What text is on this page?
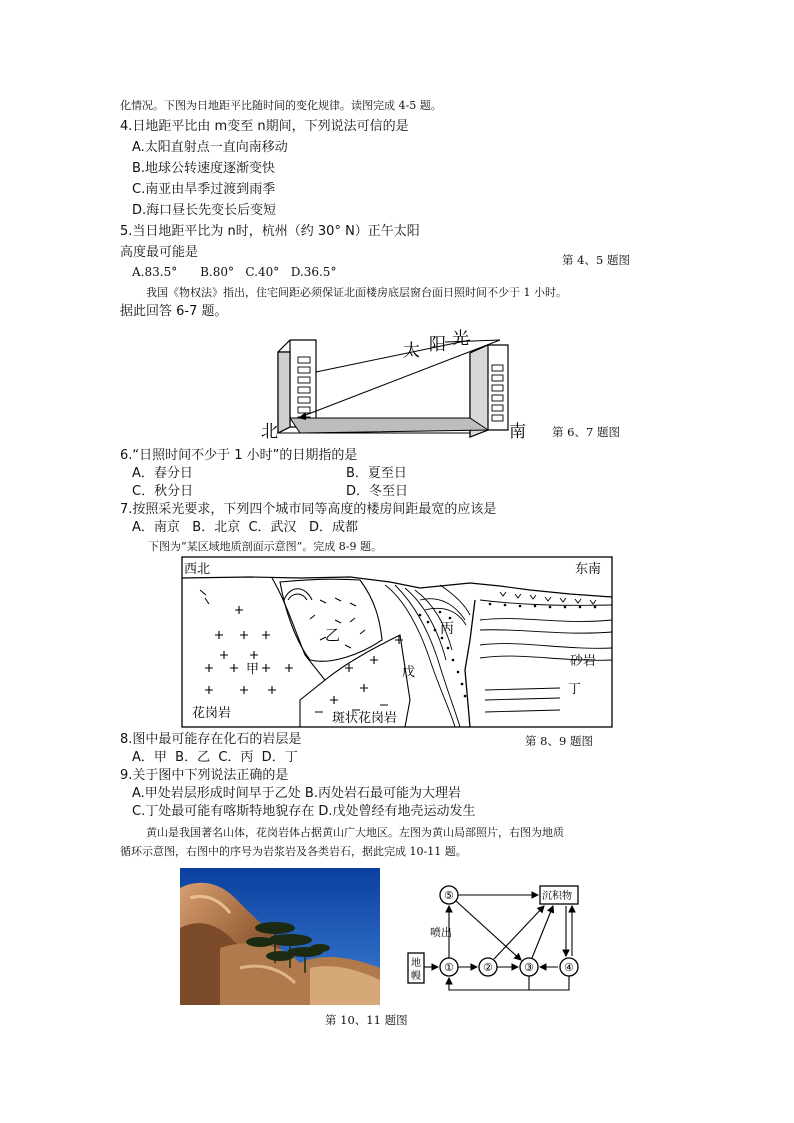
化情况。下图为日地距平比随时间的变化规律。读图完成 4-5 题。
4.日地距平比由 m变至 n期间，下列说法可信的是
A.太阳直射点一直向南移动
B.地球公转速度逐渐变快
C.南亚由旱季过渡到雨季
D.海口昼长先变长后变短
5.当日地距平比为 n时，杭州（约 30° N）正午太阳
高度最可能是
A.83.5°      B.80°   C.40°   D.36.5°
第 4、5 题图
我国《物权法》指出，住宅间距必须保证北面楼房底层窗台面日照时间不少于 1 小时。
据此回答 6-7 题。
太 阳 光
北	南 第 6、7 题图
6.“日照时间不少于 1 小时”的日期指的是
A．春分日	B．夏至日
C．秋分日	D．冬至日
7.按照采光要求，下列四个城市同等高度的楼房间距最宽的应该是
A．南京   B．北京  C．武汉   D．成都
下图为“某区域地质剖面示意图”。完成 8-9 题。
西北	东南
甲
乙	丙
戊
丁
砂岩
花岗岩	斑状花岗岩
第 8、9 题图
8.图中最可能存在化石的岩层是
A．甲  B．乙  C．丙  D．丁
9.关于图中下列说法正确的是
A.甲处岩层形成时间早于乙处 B.丙处岩石最可能为大理岩
C.丁处最可能有喀斯特地貌存在 D.戊处曾经有地壳运动发生
黄山是我国著名山体，花岗岩体占据黄山广大地区。左图为黄山局部照片，右图为地质
循环示意图，右图中的序号为岩浆岩及各类岩石，据此完成 10-11 题。
⑤
①	②	③	④
沉积物
喷出
地
幔
第 10、11 题图
